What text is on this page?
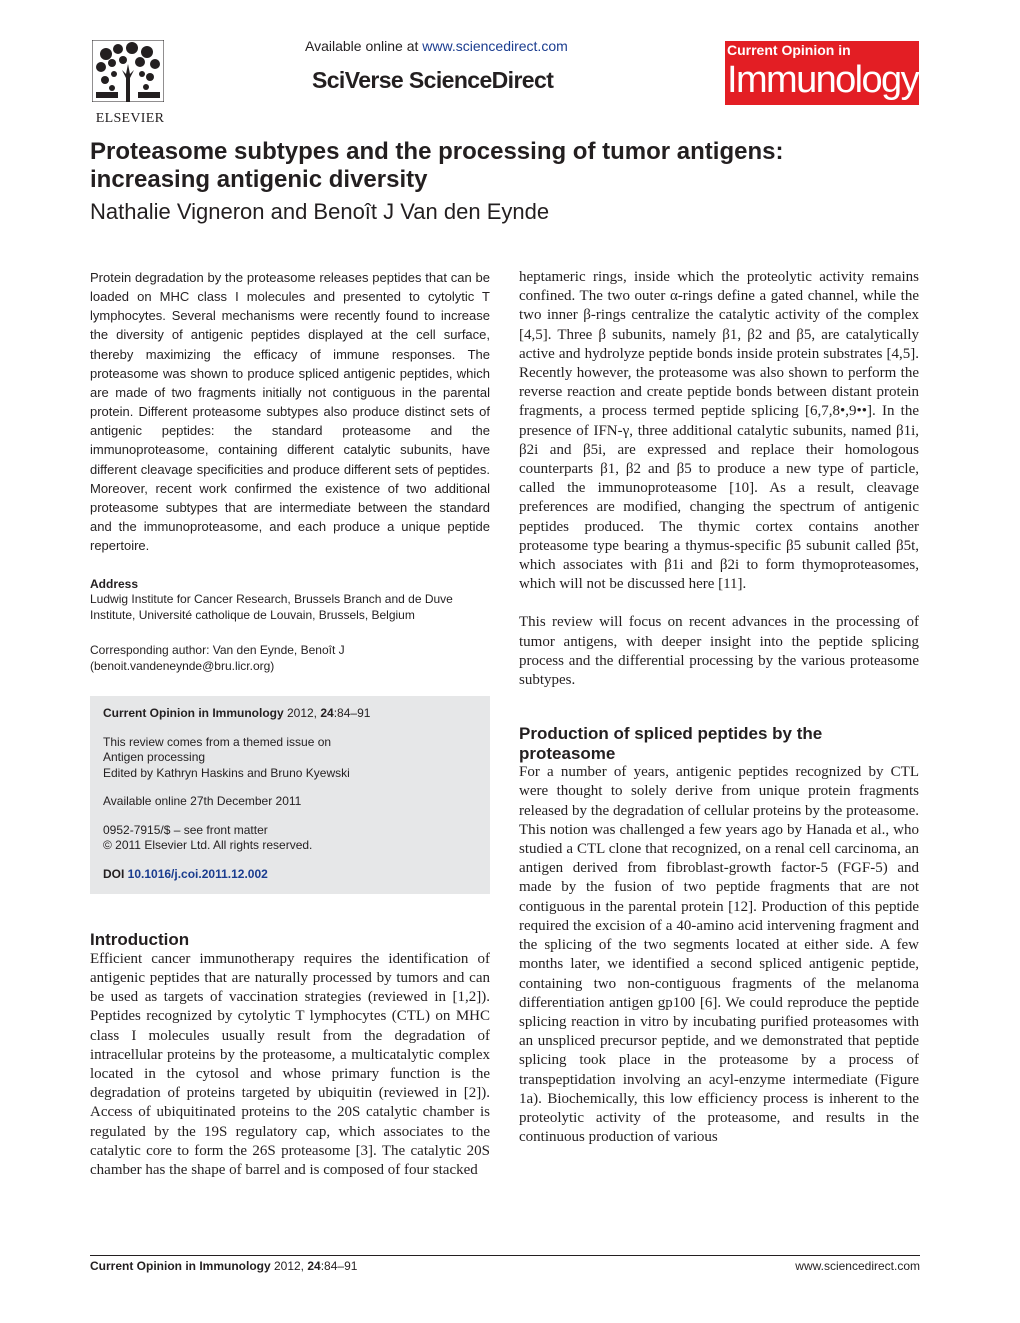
ELSEVIER
Available online at www.sciencedirect.com
SciVerse ScienceDirect
Current Opinion in
Immunology
Proteasome subtypes and the processing of tumor antigens:
increasing antigenic diversity
Nathalie Vigneron and Benoît J Van den Eynde

Protein degradation by the proteasome releases peptides that can be loaded on MHC class I molecules and presented to cytolytic T lymphocytes. Several mechanisms were recently found to increase the diversity of antigenic peptides displayed at the cell surface, thereby maximizing the efficacy of immune responses. The proteasome was shown to produce spliced antigenic peptides, which are made of two fragments initially not contiguous in the parental protein. Different proteasome subtypes also produce distinct sets of antigenic peptides: the standard proteasome and the immunoproteasome, containing different catalytic subunits, have different cleavage specificities and produce different sets of peptides. Moreover, recent work confirmed the existence of two additional proteasome subtypes that are intermediate between the standard and the immunoproteasome, and each produce a unique peptide repertoire.

Address

Ludwig Institute for Cancer Research, Brussels Branch and de Duve
Institute, Université catholique de Louvain, Brussels, Belgium

Corresponding author: Van den Eynde, Benoît J
(benoit.vandeneynde@bru.licr.org)

Current Opinion in Immunology 2012, 24:84–91

This review comes from a themed issue on
Antigen processing
Edited by Kathryn Haskins and Bruno Kyewski

Available online 27th December 2011

0952-7915/$ – see front matter

© 2011 Elsevier Ltd. All rights reserved.

DOI 10.1016/j.coi.2011.12.002

Introduction

Efficient cancer immunotherapy requires the identification of antigenic peptides that are naturally processed by tumors and can be used as targets of vaccination strategies (reviewed in [1,2]). Peptides recognized by cytolytic T lymphocytes (CTL) on MHC class I molecules usually result from the degradation of intracellular proteins by the proteasome, a multicatalytic complex located in the cytosol and whose primary function is the degradation of proteins targeted by ubiquitin (reviewed in [2]). Access of ubiquitinated proteins to the 20S catalytic chamber is regulated by the 19S regulatory cap, which associates to the catalytic core to form the 26S proteasome [3]. The catalytic 20S chamber has the shape of barrel and is composed of four stacked

heptameric rings, inside which the proteolytic activity remains confined. The two outer α-rings define a gated channel, while the two inner β-rings centralize the catalytic activity of the complex [4,5]. Three β subunits, namely β1, β2 and β5, are catalytically active and hydrolyze peptide bonds inside protein substrates [4,5]. Recently however, the proteasome was also shown to perform the reverse reaction and create peptide bonds between distant protein fragments, a process termed peptide splicing [6,7,8•,9••]. In the presence of IFN-γ, three additional catalytic subunits, named β1i, β2i and β5i, are expressed and replace their homologous counterparts β1, β2 and β5 to produce a new type of particle, called the immunoproteasome [10]. As a result, cleavage preferences are modified, changing the spectrum of antigenic peptides produced. The thymic cortex contains another proteasome type bearing a thymus-specific β5 subunit called β5t, which associates with β1i and β2i to form thymoproteasomes, which will not be discussed here [11].

This review will focus on recent advances in the processing of tumor antigens, with deeper insight into the peptide splicing process and the differential processing by the various proteasome subtypes.

Production of spliced peptides by the proteasome

For a number of years, antigenic peptides recognized by CTL were thought to solely derive from unique protein fragments released by the degradation of cellular proteins by the proteasome. This notion was challenged a few years ago by Hanada et al., who studied a CTL clone that recognized, on a renal cell carcinoma, an antigen derived from fibroblast-growth factor-5 (FGF-5) and made by the fusion of two peptide fragments that are not contiguous in the parental protein [12]. Production of this peptide required the excision of a 40-amino acid intervening fragment and the splicing of the two segments located at either side. A few months later, we identified a second spliced antigenic peptide, containing two non-contiguous fragments of the melanoma differentiation antigen gp100 [6]. We could reproduce the peptide splicing reaction in vitro by incubating purified proteasomes with an unspliced precursor peptide, and we demonstrated that peptide splicing took place in the proteasome by a process of transpeptidation involving an acyl-enzyme intermediate (Figure 1a). Biochemically, this low efficiency process is inherent to the proteolytic activity of the proteasome, and results in the continuous production of various

Current Opinion in Immunology 2012, 24:84–91	www.sciencedirect.com
